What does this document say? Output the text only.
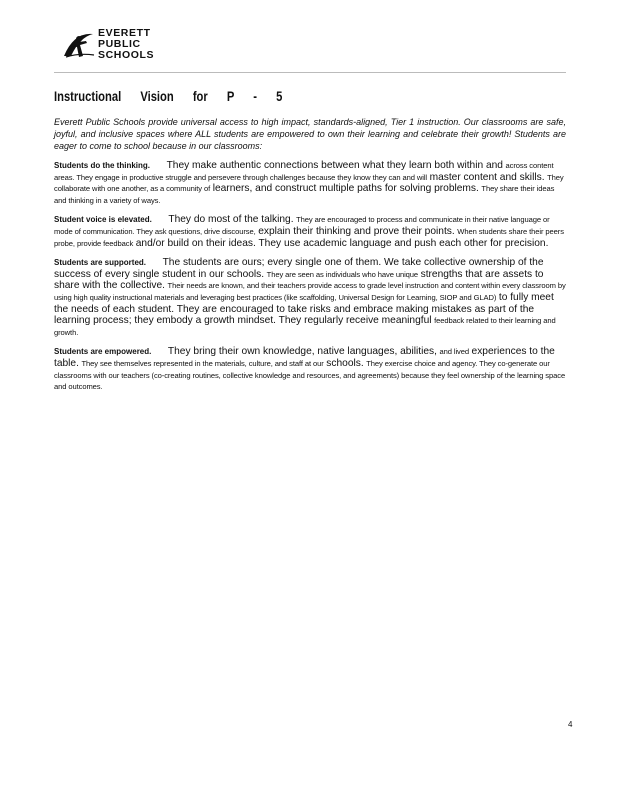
EVERETT
PUBLIC
SCHOOLS
Instructional Vision for P - 5

Everett Public Schools provide universal access to high impact, standards-aligned, Tier 1 instruction. Our classrooms are safe, joyful, and inclusive spaces where ALL students are empowered to own their learning and celebrate their growth! Students are eager to come to school because in our classrooms:

Students do the thinking. They make authentic connections between what they learn both within and across content areas. They engage in productive struggle and persevere through challenges because they know they can and will master content and skills. They collaborate with one another, as a community of learners, and construct multiple paths for solving problems. They share their ideas and thinking in a variety of ways.

Student voice is elevated. They do most of the talking. They are encouraged to process and communicate in their native language or mode of communication. They ask questions, drive discourse, explain their thinking and prove their points. When students share their peers probe, provide feedback and/or build on their ideas. They use academic language and push each other for precision.

Students are supported. The students are ours; every single one of them. We take collective ownership of the success of every single student in our schools. They are seen as individuals who have unique strengths that are assets to share with the collective. Their needs are known, and their teachers provide access to grade level instruction and content within every classroom by using high quality instructional materials and leveraging best practices (like scaffolding, Universal Design for Learning, SIOP and GLAD) to fully meet the needs of each student. They are encouraged to take risks and embrace making mistakes as part of the learning process; they embody a growth mindset. They regularly receive meaningful feedback related to their learning and growth.

Students are empowered. They bring their own knowledge, native languages, abilities, and lived experiences to the table. They see themselves represented in the materials, culture, and staff at our schools. They exercise choice and agency. They co-generate our classrooms with our teachers (co-creating routines, collective knowledge and resources, and agreements) because they feel ownership of the learning space and outcomes.

4
